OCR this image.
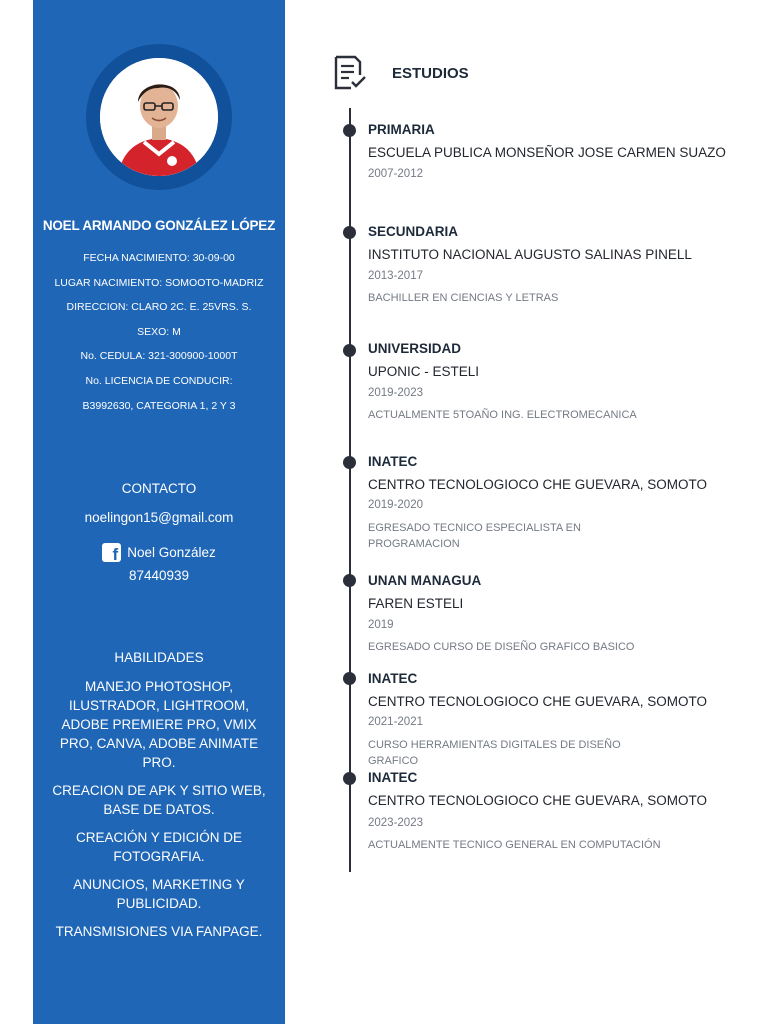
NOEL ARMANDO GONZÁLEZ LÓPEZ
FECHA NACIMIENTO: 30-09-00
LUGAR NACIMIENTO: SOMOOTO-MADRIZ
DIRECCION: CLARO 2C. E. 25VRS. S.
SEXO: M
No. CEDULA: 321-300900-1000T
No. LICENCIA DE CONDUCIR:
B3992630, CATEGORIA 1, 2 Y 3
CONTACTO
noelingon15@gmail.com
f Noel González
87440939
HABILIDADES
MANEJO PHOTOSHOP, ILUSTRADOR, LIGHTROOM, ADOBE PREMIERE PRO, VMIX PRO, CANVA, ADOBE ANIMATE PRO.
CREACION DE APK Y SITIO WEB, BASE DE DATOS.
CREACIÓN Y EDICIÓN DE FOTOGRAFIA.
ANUNCIOS, MARKETING Y PUBLICIDAD.
TRANSMISIONES VIA FANPAGE.
ESTUDIOS
PRIMARIA
ESCUELA PUBLICA MONSEÑOR JOSE CARMEN SUAZO
2007-2012
SECUNDARIA
INSTITUTO NACIONAL AUGUSTO SALINAS PINELL
2013-2017
BACHILLER EN CIENCIAS Y LETRAS
UNIVERSIDAD
UPONIC - ESTELI
2019-2023
ACTUALMENTE 5TOAÑO ING. ELECTROMECANICA
INATEC
CENTRO TECNOLOGIOCO CHE GUEVARA, SOMOTO
2019-2020
EGRESADO TECNICO ESPECIALISTA EN PROGRAMACION
UNAN MANAGUA
FAREN ESTELI
2019
EGRESADO CURSO DE DISEÑO GRAFICO BASICO
INATEC
CENTRO TECNOLOGIOCO CHE GUEVARA, SOMOTO
2021-2021
CURSO HERRAMIENTAS DIGITALES DE DISEÑO GRAFICO
INATEC
CENTRO TECNOLOGIOCO CHE GUEVARA, SOMOTO
2023-2023
ACTUALMENTE TECNICO GENERAL EN COMPUTACIÓN
